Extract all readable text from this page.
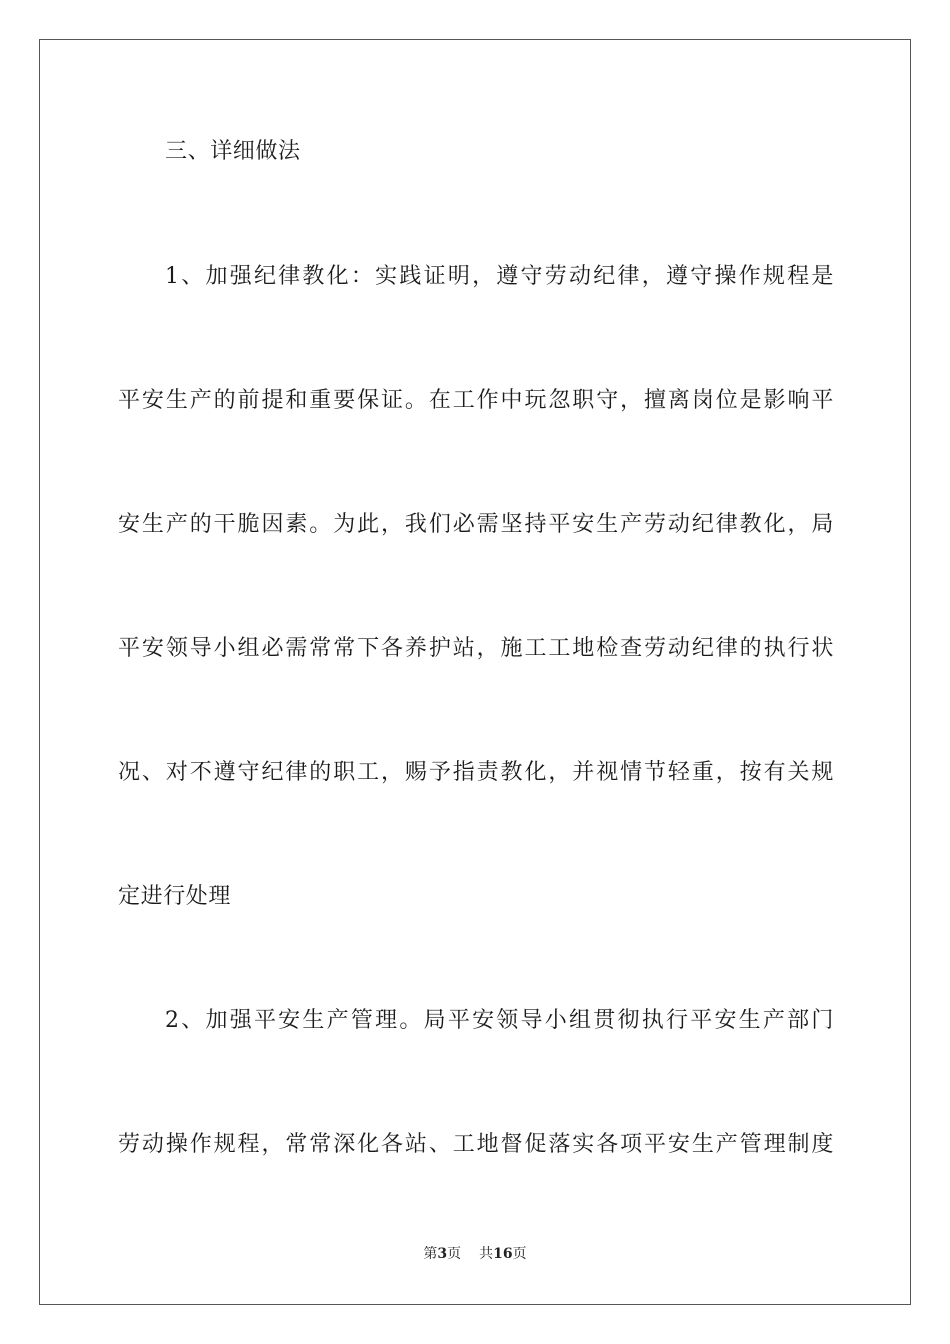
三、详细做法
1、加强纪律教化：实践证明，遵守劳动纪律，遵守操作规程是
平安生产的前提和重要保证。在工作中玩忽职守，擅离岗位是影响平
安生产的干脆因素。为此，我们必需坚持平安生产劳动纪律教化，局
平安领导小组必需常常下各养护站，施工工地检查劳动纪律的执行状
况、对不遵守纪律的职工，赐予指责教化，并视情节轻重，按有关规
定进行处理
2、加强平安生产管理。局平安领导小组贯彻执行平安生产部门
劳动操作规程，常常深化各站、工地督促落实各项平安生产管理制度
第3页 共16页
